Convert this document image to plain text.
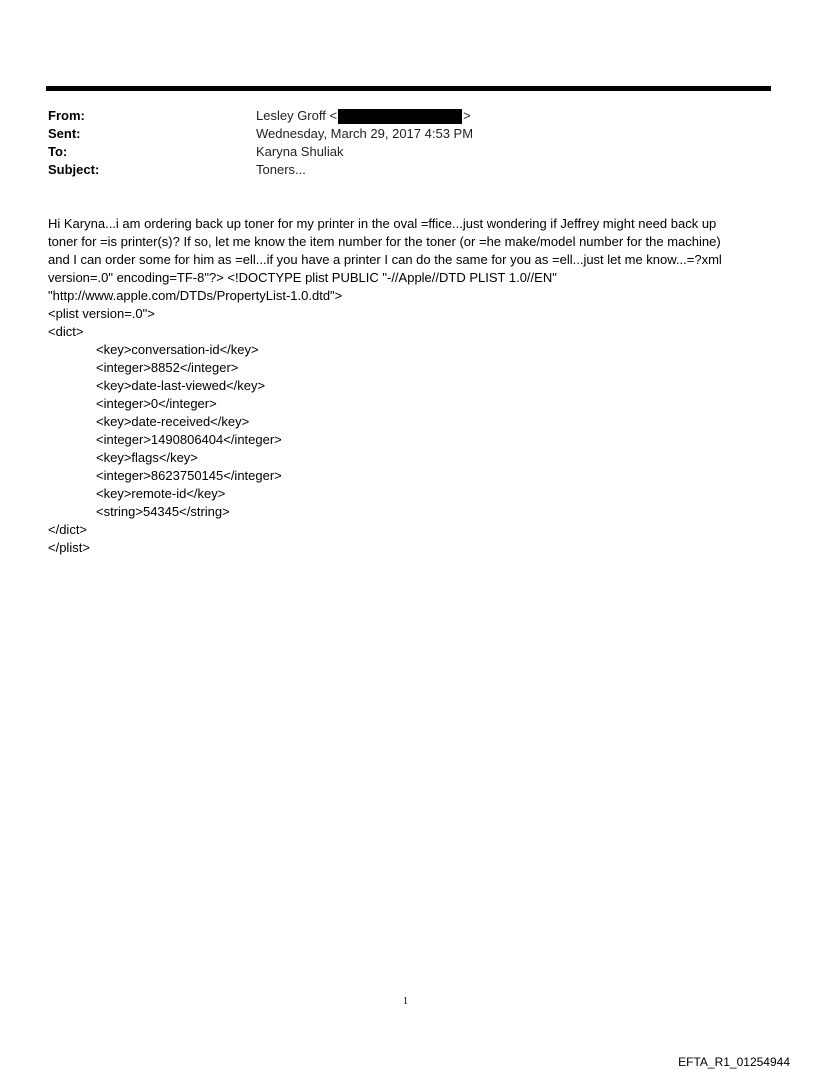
From:	Lesley Groff <	>
Sent:	Wednesday, March 29, 2017 4:53 PM
To:	Karyna Shuliak
Subject:	Toners...
Hi Karyna...i am ordering back up toner for my printer in the oval =ffice...just wondering if Jeffrey might need back up
toner for =is printer(s)? If so, let me know the item number for the toner (or =he make/model number for the machine)
and I can order some for him as =ell...if you have a printer I can do the same for you as =ell...just let me know...=?xml
version=.0" encoding=TF-8"?> <!DOCTYPE plist PUBLIC "-//Apple//DTD PLIST 1.0//EN"
"http://www.apple.com/DTDs/PropertyList-1.0.dtd">
<plist version=.0">
<dict>
<key>conversation-id</key>
<integer>8852</integer>
<key>date-last-viewed</key>
<integer>0</integer>
<key>date-received</key>
<integer>1490806404</integer>
<key>flags</key>
<integer>8623750145</integer>
<key>remote-id</key>
<string>54345</string>
</dict>
</plist>
1
EFTA_R1_01254944
